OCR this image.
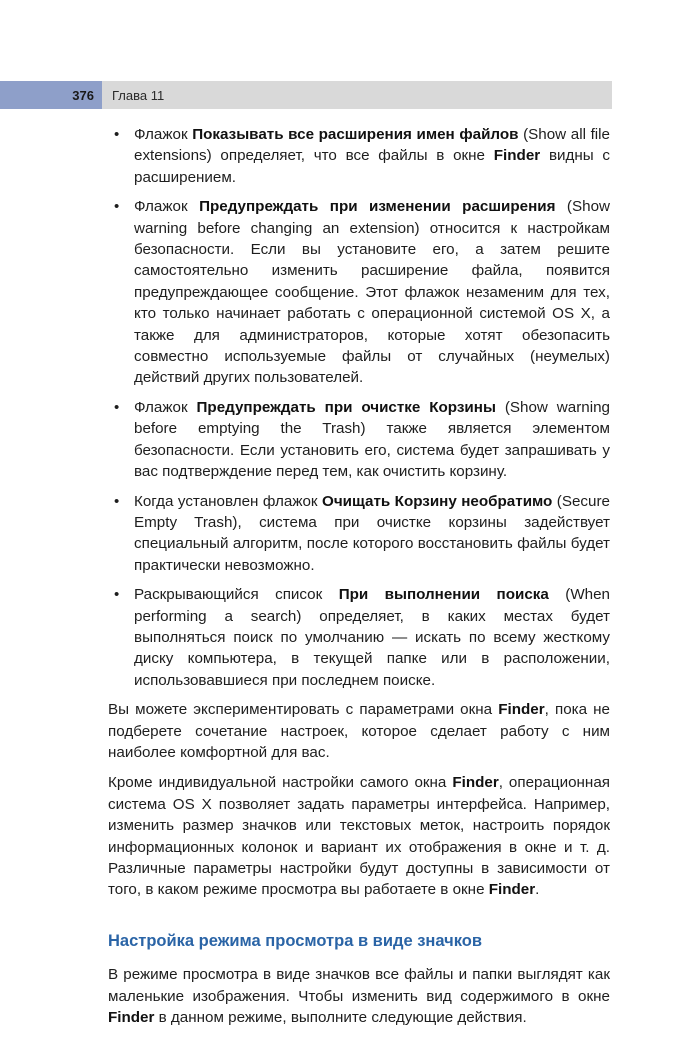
376	Глава 11
• Флажок Показывать все расширения имен файлов (Show all file extensions) определяет, что все файлы в окне Finder видны с расширением.
• Флажок Предупреждать при изменении расширения (Show warning before changing an extension) относится к настройкам безопасности. Если вы установите его, а затем решите самостоятельно изменить расширение файла, появится предупреждающее сообщение. Этот флажок незаменим для тех, кто только начинает работать с операционной системой OS X, а также для администраторов, которые хотят обезопасить совместно используемые файлы от случайных (неумелых) действий других пользователей.
• Флажок Предупреждать при очистке Корзины (Show warning before emptying the Trash) также является элементом безопасности. Если установить его, система будет запрашивать у вас подтверждение перед тем, как очистить корзину.
• Когда установлен флажок Очищать Корзину необратимо (Secure Empty Trash), система при очистке корзины задействует специальный алгоритм, после которого восстановить файлы будет практически невозможно.
• Раскрывающийся список При выполнении поиска (When performing a search) определяет, в каких местах будет выполняться поиск по умолчанию — искать по всему жесткому диску компьютера, в текущей папке или в расположении, использовавшиеся при последнем поиске.

Вы можете экспериментировать с параметрами окна Finder, пока не подберете сочетание настроек, которое сделает работу с ним наиболее комфортной для вас.

Кроме индивидуальной настройки самого окна Finder, операционная система OS X позволяет задать параметры интерфейса. Например, изменить размер значков или текстовых меток, настроить порядок информационных колонок и вариант их отображения в окне и т. д. Различные параметры настройки будут доступны в зависимости от того, в каком режиме просмотра вы работаете в окне Finder.

Настройка режима просмотра в виде значков

В режиме просмотра в виде значков все файлы и папки выглядят как маленькие изображения. Чтобы изменить вид содержимого в окне Finder в данном режиме, выполните следующие действия.
